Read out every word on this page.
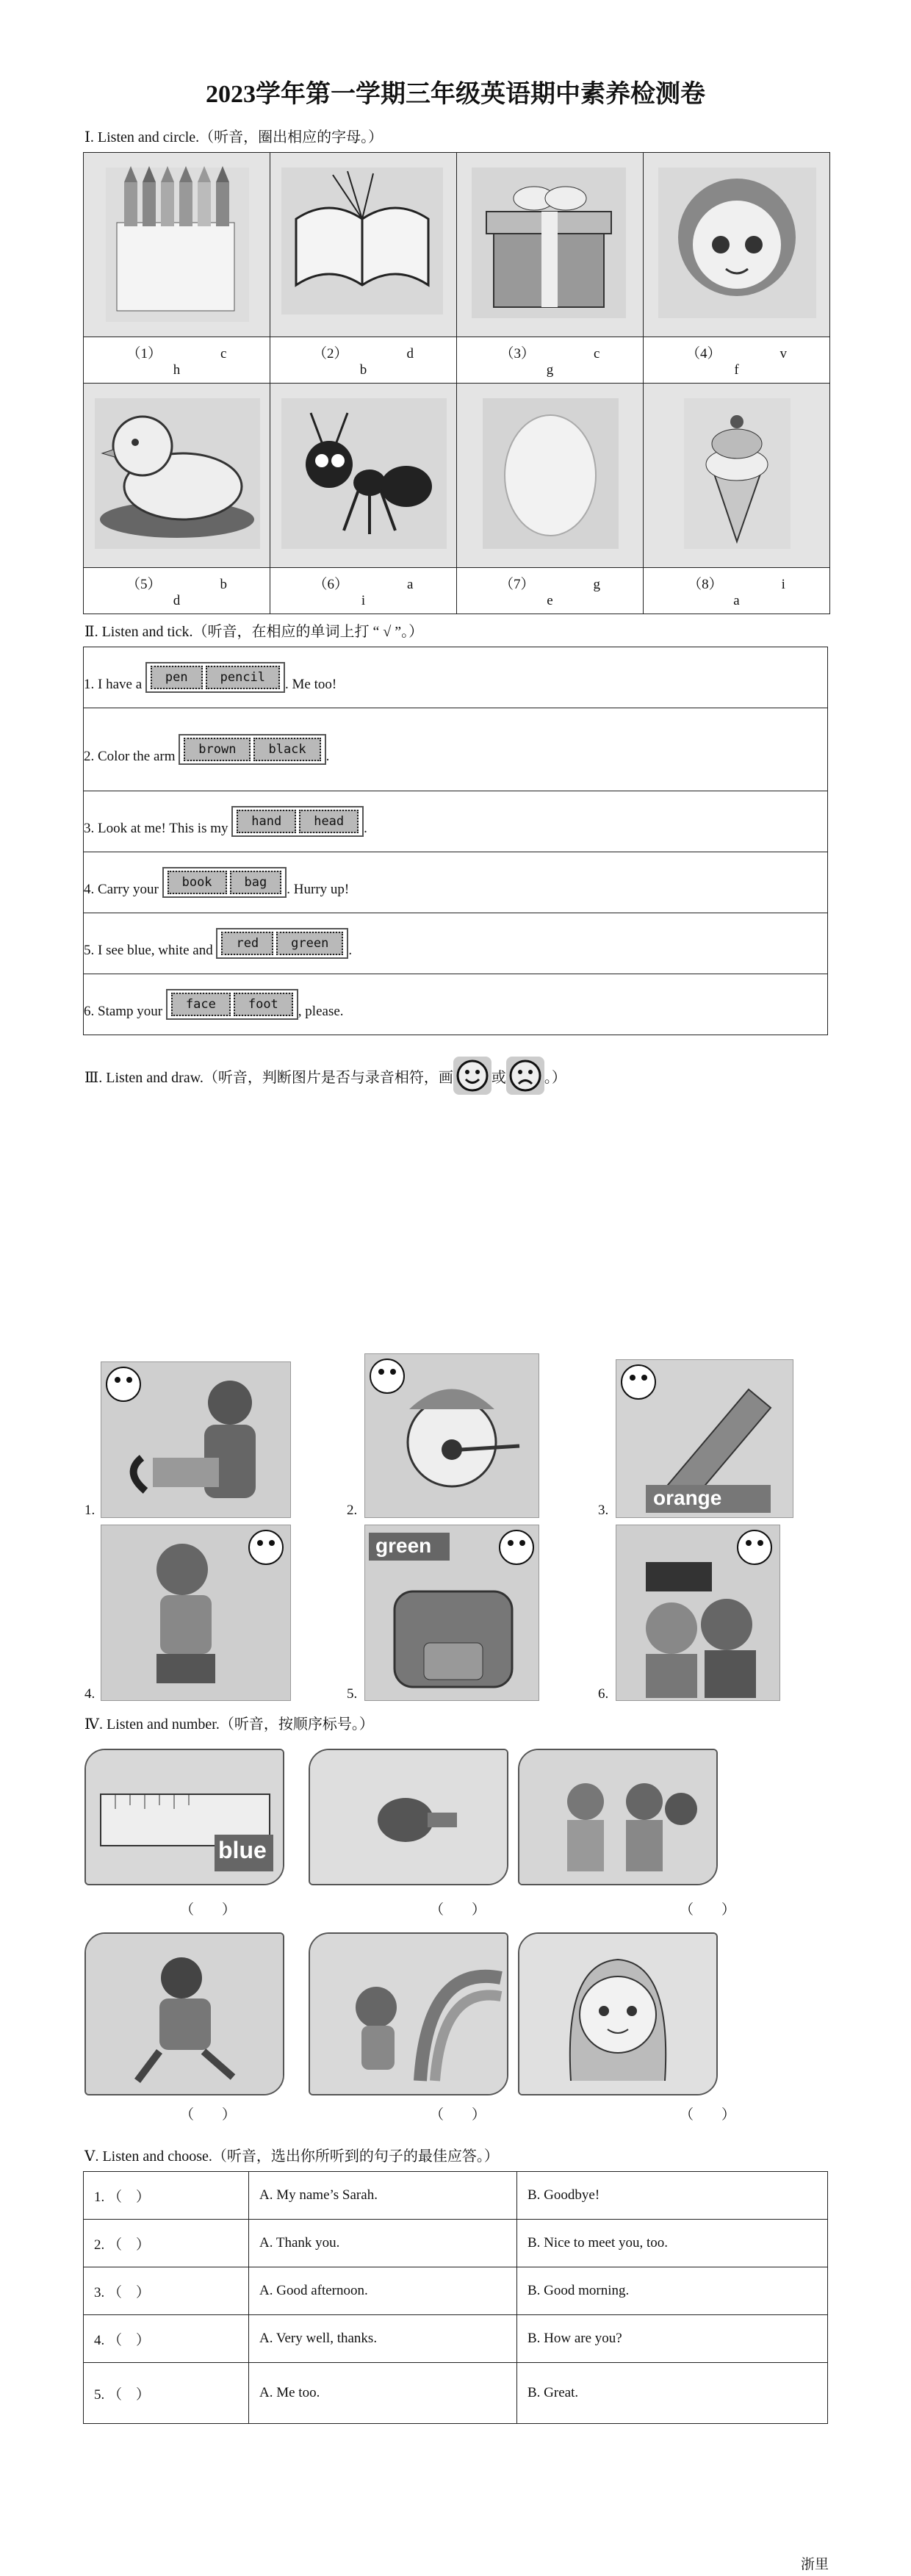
2023学年第一学期三年级英语期中素养检测卷
Ⅰ. Listen and circle.（听音，圈出相应的字母。）

（1） ch	（2） db	（3） cg	（4） vf

（5） bd	（6） ai	（7） ge	（8） ia
Ⅱ. Listen and tick.（听音，在相应的单词上打 “ √ ”。）
1. I have a pen	pencil . Me too!
2. Color the arm brown	black .
3. Look at me! This is my hand	head .
4. Carry your book	bag . Hurry up!
5. I see blue, white and red	green .
6. Stamp your face	foot , please.
Ⅲ. Listen and draw.（听音，判断图片是否与录音相符，画	或	。）
1.	2.	3.
orange
4.	5.
green
6.
Ⅳ. Listen and number.（听音，按顺序标号。）
blue
（　　）	（　　）	（　　）
（　　）	（　　）	（　　）
Ⅴ. Listen and choose.（听音，选出你所听到的句子的最佳应答。）
1. （　）	A. My name’s Sarah.	B. Goodbye!
2. （　）	A. Thank you.	B. Nice to meet you, too.
3. （　）	A. Good afternoon.	B. Good morning.
4. （　）	A. Very well, thanks.	B. How are you?
5. （　）	A. Me too.	B. Great.
浙里
